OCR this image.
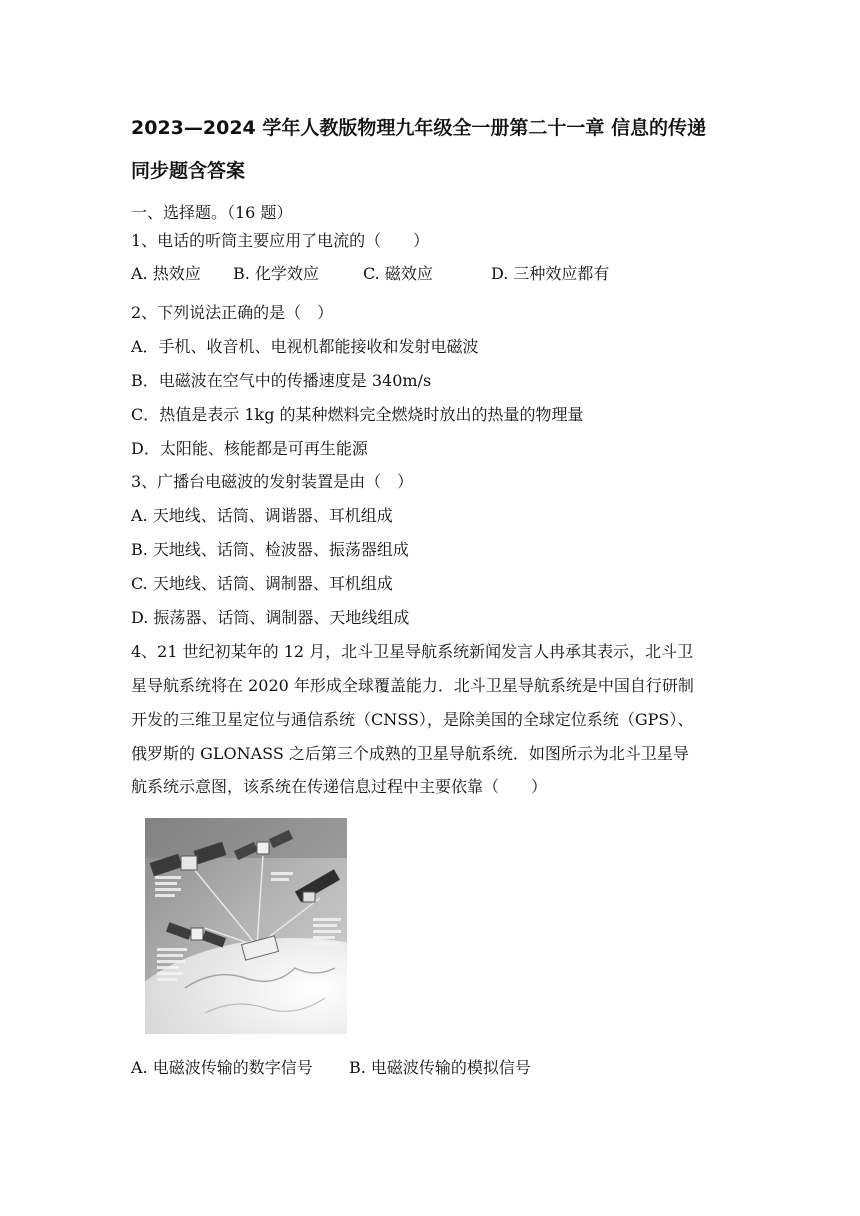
2023—2024 学年人教版物理九年级全一册第二十一章 信息的传递
同步题含答案
一、选择题。（16 题）
1、电话的听筒主要应用了电流的（　　）
A. 热效应 B. 化学效应	C. 磁效应	D. 三种效应都有
2、下列说法正确的是（　）
A．手机、收音机、电视机都能接收和发射电磁波
B．电磁波在空气中的传播速度是 340m/s
C．热值是表示 1kg 的某种燃料完全燃烧时放出的热量的物理量
D．太阳能、核能都是可再生能源
3、广播台电磁波的发射装置是由（　）
A. 天地线、话筒、调谐器、耳机组成
B. 天地线、话筒、检波器、振荡器组成
C. 天地线、话筒、调制器、耳机组成
D. 振荡器、话筒、调制器、天地线组成
4、21 世纪初某年的 12 月，北斗卫星导航系统新闻发言人冉承其表示，北斗卫
星导航系统将在 2020 年形成全球覆盖能力．北斗卫星导航系统是中国自行研制
开发的三维卫星定位与通信系统（CNSS），是除美国的全球定位系统（GPS）、
俄罗斯的 GLONASS 之后第三个成熟的卫星导航系统．如图所示为北斗卫星导
航系统示意图，该系统在传递信息过程中主要依靠（　　）
A. 电磁波传输的数字信号 B. 电磁波传输的模拟信号
